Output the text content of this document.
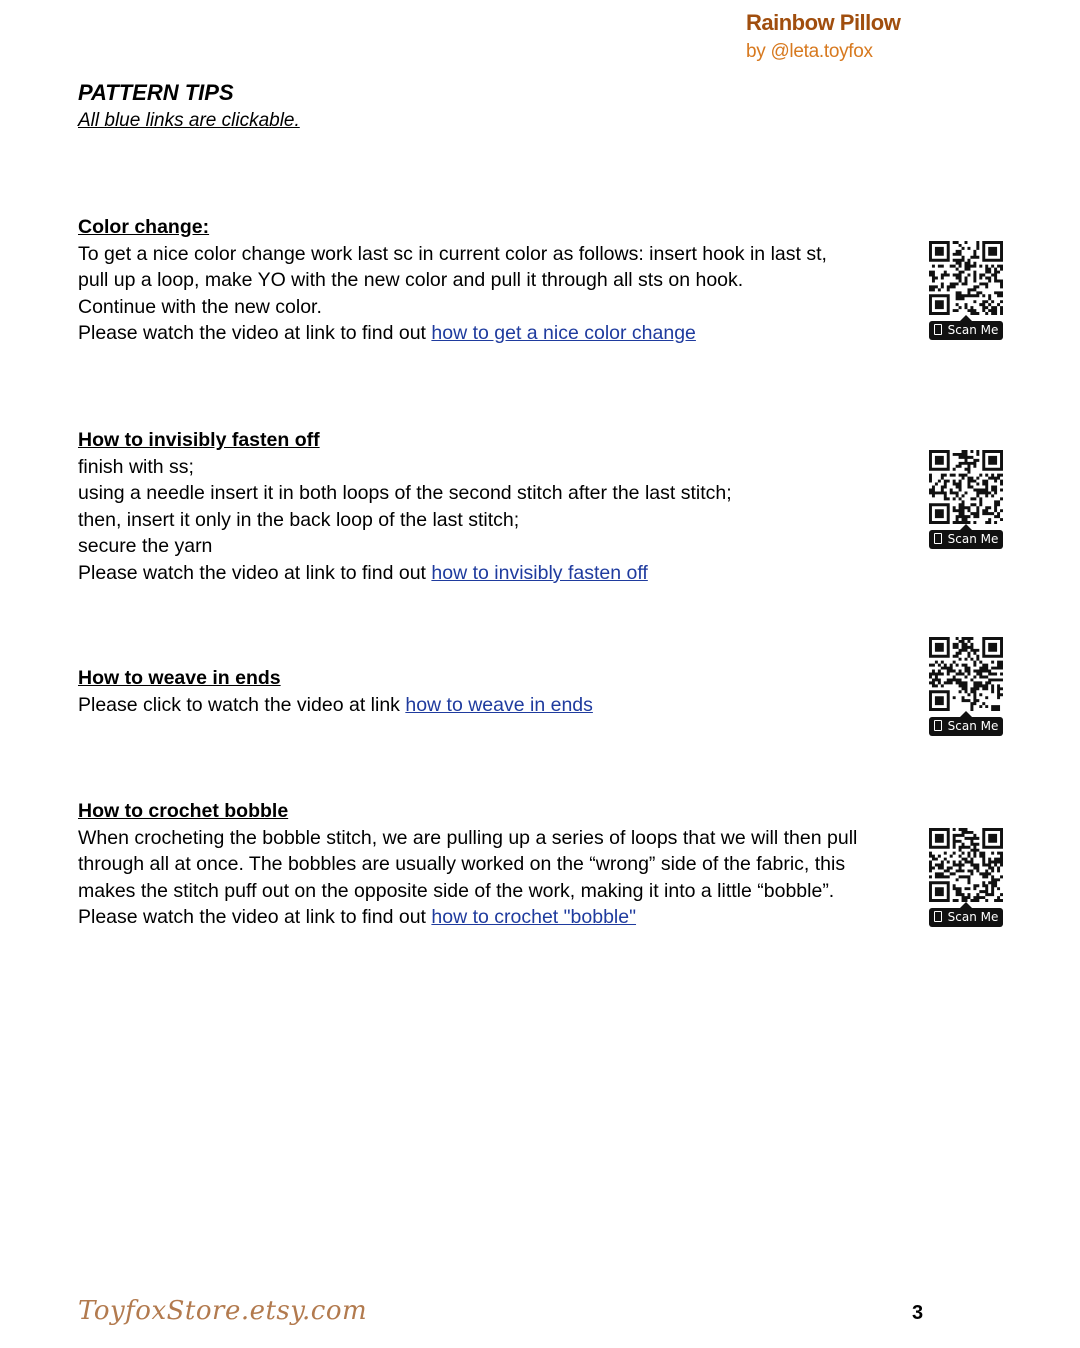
Rainbow Pillow
by @leta.toyfox
PATTERN TIPS
All blue links are clickable.
Color change:
To get a nice color change work last sc in current color as follows: insert hook in last st,
pull up a loop, make YO with the new color and pull it through all sts on hook.
Continue with the new color.
Please watch the video at link to find out how to get a nice color change
How to invisibly fasten off
finish with ss;
using a needle insert it in both loops of the second stitch after the last stitch;
then, insert it only in the back loop of the last stitch;
secure the yarn
Please watch the video at link to find out how to invisibly fasten off
How to weave in ends
Please click to watch the video at link how to weave in ends
How to crochet bobble
When crocheting the bobble stitch, we are pulling up a series of loops that we will then pull
through all at once. The bobbles are usually worked on the “wrong” side of the fabric, this
makes the stitch puff out on the opposite side of the work, making it into a little “bobble”.
Please watch the video at link to find out how to crochet "bobble"
Scan Me
Scan Me
Scan Me
Scan Me
ToyfoxStore.etsy.com	3
